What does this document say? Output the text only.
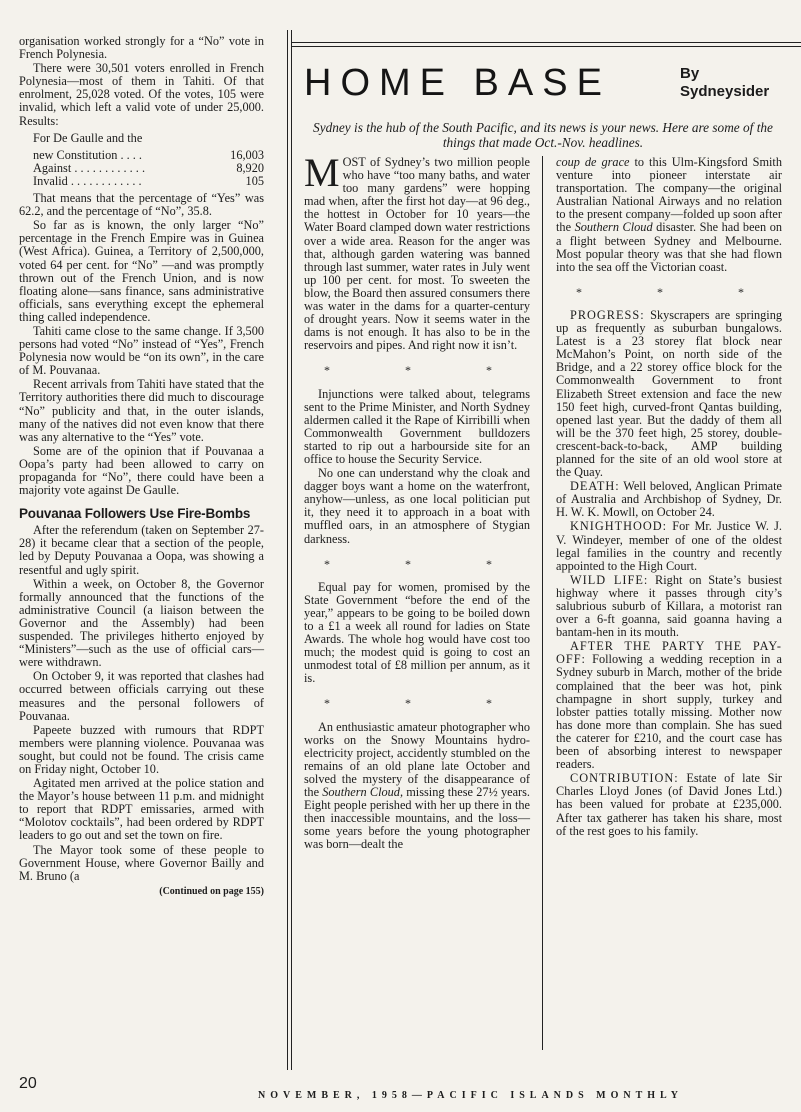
organisation worked strongly for a “No” vote in French Polynesia.

There were 30,501 voters enrolled in French Polynesia—most of them in Tahiti. Of that enrolment, 25,028 voted. Of the votes, 105 were invalid, which left a valid vote of under 25,000. Results:

For De Gaulle and the
new Constitution . . . .	16,003
Against . . . . . . . . . . . .	8,920
Invalid . . . . . . . . . . . .	105

That means that the percentage of “Yes” was 62.2, and the percentage of “No”, 35.8.

So far as is known, the only larger “No” percentage in the French Empire was in Guinea (West Africa). Guinea, a Territory of 2,500,000, voted 64 per cent. for “No” —and was promptly thrown out of the French Union, and is now floating alone—sans finance, sans administrative officials, sans everything except the ephemeral thing called independence.

Tahiti came close to the same change. If 3,500 persons had voted “No” instead of “Yes”, French Polynesia now would be “on its own”, in the care of M. Pouvanaa.

Recent arrivals from Tahiti have stated that the Territory authorities there did much to discourage “No” publicity and that, in the outer islands, many of the natives did not even know that there was any alternative to the “Yes” vote.

Some are of the opinion that if Pouvanaa a Oopa’s party had been allowed to carry on propaganda for “No”, there could have been a majority vote against De Gaulle.

Pouvanaa Followers Use Fire-Bombs

After the referendum (taken on September 27-28) it became clear that a section of the people, led by Deputy Pouvanaa a Oopa, was showing a resentful and ugly spirit.

Within a week, on October 8, the Governor formally announced that the functions of the administrative Council (a liaison between the Governor and the Assembly) had been suspended. The privileges hitherto enjoyed by “Ministers”—such as the use of official cars—were withdrawn.

On October 9, it was reported that clashes had occurred between officials carrying out these measures and the personal followers of Pouvanaa.

Papeete buzzed with rumours that RDPT members were planning violence. Pouvanaa was sought, but could not be found. The crisis came on Friday night, October 10.

Agitated men arrived at the police station and the Mayor’s house between 11 p.m. and midnight to report that RDPT emissaries, armed with “Molotov cocktails”, had been ordered by RDPT leaders to go out and set the town on fire.

The Mayor took some of these people to Government House, where Governor Bailly and M. Bruno (a

(Continued on page 155)
HOME BASE	By
Sydneysider
Sydney is the hub of the South Pacific, and its news is your news. Here are some of the things that made Oct.-Nov. headlines.

MOST of Sydney’s two million people who have “too many baths, and water too many gardens” were hopping mad when, after the first hot day—at 96 deg., the hottest in October for 10 years—the Water Board clamped down water restrictions over a wide area. Reason for the anger was that, although garden watering was banned through last summer, water rates in July went up 100 per cent. for most. To sweeten the blow, the Board then assured consumers there was water in the dams for a quarter-century of drought years. Now it seems water in the dams is not enough. It has also to be in the reservoirs and pipes. And right now it isn’t.

* * *

Injunctions were talked about, telegrams sent to the Prime Minister, and North Sydney aldermen called it the Rape of Kirribilli when Commonwealth Government bulldozers started to rip out a harbourside site for an office to house the Security Service.

No one can understand why the cloak and dagger boys want a home on the waterfront, anyhow—unless, as one local politician put it, they need it to approach in a boat with muffled oars, in an atmosphere of Stygian darkness.

* * *

Equal pay for women, promised by the State Government “before the end of the year,” appears to be going to be boiled down to a £1 a week all round for ladies on State Awards. The whole hog would have cost too much; the modest quid is going to cost an unmodest total of £8 million per annum, as it is.

* * *

An enthusiastic amateur photographer who works on the Snowy Mountains hydro-electricity project, accidently stumbled on the remains of an old plane late October and solved the mystery of the disappearance of the Southern Cloud, missing these 27½ years. Eight people perished with her up there in the then inaccessible mountains, and the loss—some years before the young photographer was born—dealt the

coup de grace to this Ulm-Kingsford Smith venture into pioneer interstate air transportation. The company—the original Australian National Airways and no relation to the present company—folded up soon after the Southern Cloud disaster. She had been on a flight between Sydney and Melbourne. Most popular theory was that she had flown into the sea off the Victorian coast.

* * *

PROGRESS: Skyscrapers are springing up as frequently as suburban bungalows. Latest is a 23 storey flat block near McMahon’s Point, on north side of the Bridge, and a 22 storey office block for the Commonwealth Government to front Elizabeth Street extension and face the new 150 feet high, curved-front Qantas building, opened last year. But the daddy of them all will be the 370 feet high, 25 storey, double-crescent-back-to-back, AMP building planned for the site of an old wool store at the Quay.

DEATH: Well beloved, Anglican Primate of Australia and Archbishop of Sydney, Dr. H. W. K. Mowll, on October 24.

KNIGHTHOOD: For Mr. Justice W. J. V. Windeyer, member of one of the oldest legal families in the country and recently appointed to the High Court.

WILD LIFE: Right on State’s busiest highway where it passes through city’s salubrious suburb of Killara, a motorist ran over a 6-ft goanna, said goanna having a bantam-hen in its mouth.

AFTER THE PARTY THE PAY-OFF: Following a wedding reception in a Sydney suburb in March, mother of the bride complained that the beer was hot, pink champagne in short supply, turkey and lobster patties totally missing. Mother now has done more than complain. She has sued the caterer for £210, and the court case has been of absorbing interest to newspaper readers.

CONTRIBUTION: Estate of late Sir Charles Lloyd Jones (of David Jones Ltd.) has been valued for probate at £235,000. After tax gatherer has taken his share, most of the rest goes to his family.

20
NOVEMBER, 1958—PACIFIC ISLANDS MONTHLY
